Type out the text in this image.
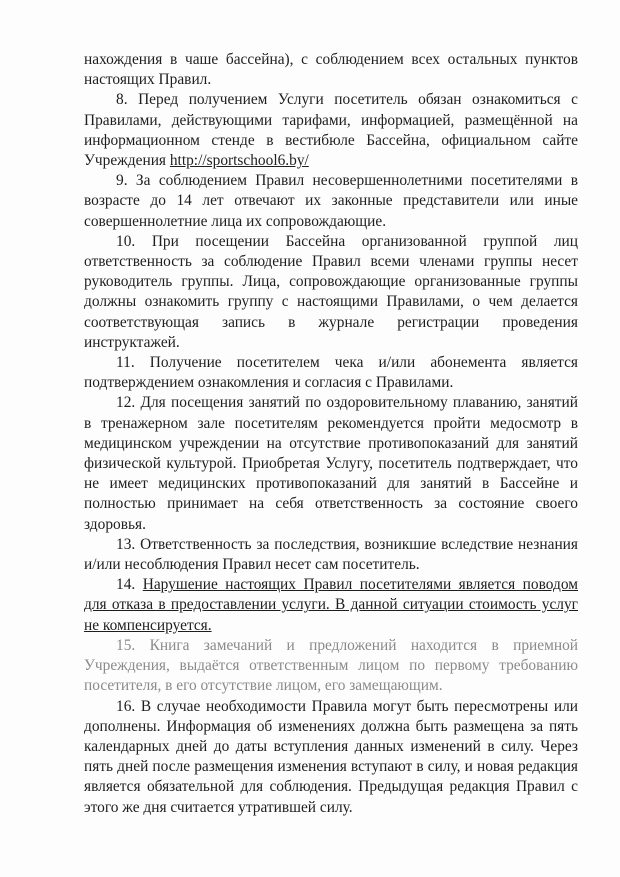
нахождения в чаше бассейна), с соблюдением всех остальных пунктов настоящих Правил.

8. Перед получением Услуги посетитель обязан ознакомиться с Правилами, действующими тарифами, информацией, размещённой на информационном стенде в вестибюле Бассейна, официальном сайте Учреждения http://sportschool6.by/

9. За соблюдением Правил несовершеннолетними посетителями в возрасте до 14 лет отвечают их законные представители или иные совершеннолетние лица их сопровождающие.

10. При посещении Бассейна организованной группой лиц ответственность за соблюдение Правил всеми членами группы несет руководитель группы. Лица, сопровождающие организованные группы должны ознакомить группу с настоящими Правилами, о чем делается соответствующая запись в журнале регистрации проведения инструктажей.

11. Получение посетителем чека и/или абонемента является подтверждением ознакомления и согласия с Правилами.

12. Для посещения занятий по оздоровительному плаванию, занятий в тренажерном зале посетителям рекомендуется пройти медосмотр в медицинском учреждении на отсутствие противопоказаний для занятий физической культурой. Приобретая Услугу, посетитель подтверждает, что не имеет медицинских противопоказаний для занятий в Бассейне и полностью принимает на себя ответственность за состояние своего здоровья.

13. Ответственность за последствия, возникшие вследствие незнания и/или несоблюдения Правил несет сам посетитель.

14. Нарушение настоящих Правил посетителями является поводом для отказа в предоставлении услуги. В данной ситуации стоимость услуг не компенсируется.

15. Книга замечаний и предложений находится в приемной Учреждения, выдаётся ответственным лицом по первому требованию посетителя, в его отсутствие лицом, его замещающим.

16. В случае необходимости Правила могут быть пересмотрены или дополнены. Информация об изменениях должна быть размещена за пять календарных дней до даты вступления данных изменений в силу. Через пять дней после размещения изменения вступают в силу, и новая редакция является обязательной для соблюдения. Предыдущая редакция Правил с этого же дня считается утратившей силу.
